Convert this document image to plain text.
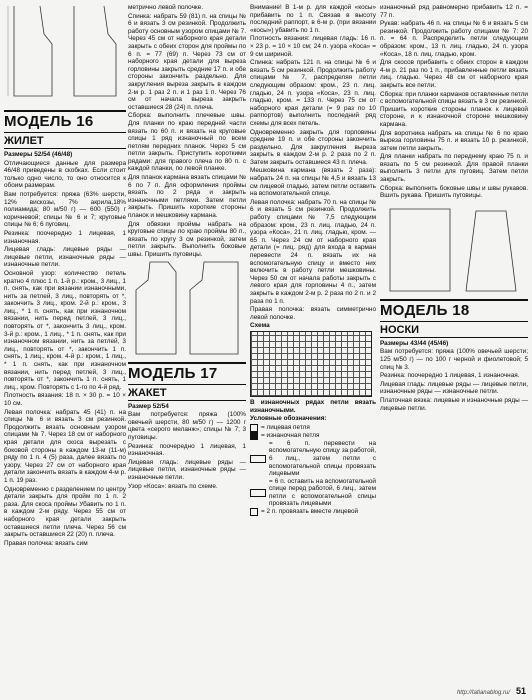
МОДЕЛЬ 16
ЖИЛЕТ

Размеры 52/54 (46/48)

Отличающиеся данные для размера 46/48 приведены в скобках. Если стоит только одно число, то оно относится к обоим размерам.

Вам потребуется: пряжа (63% шерсти, 12% вискозы, 7% акрила,18% полиамида; 80 м/50 г) — 600 (550) г коричневой; спицы № 6 и 7; круговые спицы № 6; 6 пуговиц.

Резинка: поочередно 1 лицевая, 1 изнаночная.

Лицевая гладь: лицевые ряды — лицевые петли, изнаночные ряды — изнаночные петли.

Основной узор: количество петель кратно 4 плюс 1 п. 1-й р.: кром., 3 лиц., 1 п. снять, как при вязании изнаночными, нить за петлей, 3 лиц., повторять от *, закончить 3 лиц., кром. 2-й р.: кром., 3 лиц., * 1 п. снять, как при изнаночном вязании, нить перед петлей, 3 лиц., повторять от *, закончить 3 лиц., кром. 3-й р.: кром., 1 лиц., * 1 п. снять, как при изнаночном вязании, нить за петлей, 3 лиц., повторять от *, закончить 1 п. снять, 1 лиц., кром. 4-й р.: кром., 1 лиц., * 1 п. снять, как при изнаночном вязании, нить перед петлей, 3 лиц., повторять от *, закончить 1 п. снять, 1 лиц., кром. Повторять с 1-го по 4-й ряд.

Плотность вязания: 18 п. × 30 р. = 10 × 10 см.

Левая полочка: набрать 45 (41) п. на спицы № 6 и вязать 3 см резинкой. Продолжить вязать основным узором спицами № 7. Через 18 см от наборного края детали для скоса вырезать с боковой стороны в каждом 13-м (11-м) ряду по 1 п. 4 (5) раза, далее вязать по узору. Через 27 см от наборного края детали закончить вязать в каждом 4-м р. 1 п. 19 раз.

Одновременно с разделением по центру детали закрыть для пройм по 1 п. 2 раза. Для скоса проймы Убавить по 1 п. в каждом 2-м ряду. Через 55 см от наборного края детали закрыть оставшиеся петли плеча. Через 56 см закрыть оставшиеся 22 (20) п. плеча.

Правая полочка: вязать сим

метрично левой полочке.

Спинка: набрать 59 (81) п. на спицы № 6 и вязать 3 см резинкой. Продолжить работу основным узором спицами № 7. Через 45 см от наборного края детали закрыть с обеих сторон для проймы по 6 п. = 77 (69) п. Через 73 см от наборного края детали для выреза горловины закрыть средние 17 п. и обе стороны закончить раздельно. Для закругления выреза закрыть в каждом 2-м р. 1 раз 2 п. и 1 раз 1 п. Через 76 см от начала выреза закрыть оставшиеся 28 (24) п. плеча.

Сборка: выполнить плечевые швы. Для планки по краю передней части вязать по 60 п. и вязать на круговые спицы 1 ряд изнаночный по всем петлям передних планок. Через 5 см петли закрыть. Приступить короткими рядами: для правого плеча по 80 п. с каждой планки, по левой планке.

Для планок кармана вязать спицами № 6 по 7 п. Для оформления проймы вязать по 2 ряда и закрыть изнаночными петлями. Затем петли закрыть. Пришить короткие стороны планок и мешковину кармана.

Для обвязки проймы набрать на круговые спицы по краю проймы 80 п., вязать по кругу 3 см резинкой, затем петли закрыть. Выполнить боковые швы. Пришить пуговицы.

МОДЕЛЬ 17
ЖАКЕТ

Размер 52/54

Вам потребуется: пряжа (100% овечьей шерсти, 80 м/50 г) — 1200 г цвета «серого меланж»; спицы № 7; 3 пуговицы.

Резинка: поочередно 1 лицевая, 1 изнаночная.

Лицевая гладь: лицевые ряды — лицевые петли, изнаночные ряды — изнаночные петли.

Узор «Коса»: вязать по схеме.

Внимание! В 1-м р. для каждой «косы» прибавить по 1 п. Связав в высоту последний раппорт, в 6-м р. (при вязании «косы») убавить по 1 п.

Плотность вязания: лицевая гладь: 16 п. × 23 р. = 10 × 10 см; 24 п. узора «Коса» = 9 см шириной.

Спинка: набрать 121 п. на спицы № 6 и вязать 5 см резинкой. Продолжить работу спицами № 7, распределяя петли следующим образом: кром., 23 п. лиц. гладью, 24 п. узора «Коса», 23 п. лиц. гладью, кром. = 133 п. Через 75 см от наборного края детали (= 9 раз по 10 раппортов) выполнить последний ряд схемы для всех петель.

Одновременно закрыть для горловины средние 19 п. и обе стороны закончить раздельно. Для закругления выреза закрыть в каждом 2-м р. 2 раза по 2 п. Затем закрыть оставшиеся 43 п. плеча.

Мешковина кармана (вязать 2 раза): набрать 24 п. на спицы № 4,5 и вязать 13 см лицевой гладью, затем петли оставить на вспомогательной спице.

Левая полочка: набрать 70 п. на спицы № 6 и вязать 5 см резинкой. Продолжить работу спицами № 7,5 следующим образом: кром., 23 п. лиц. гладью, 24 п. узора «Коса», 21 п. лиц. гладью, кром. — 65 п. Через 24 см от наборного края детали (= лиц. ряд) для входа в карман перевести 24 п. вязать их на вспомогательную спицу и вместо них включить в работу петли мешковины. Через 50 см от начала работы закрыть с левого края для горловины 4 п., затем закрыть в каждом 2-м р. 2 раза по 2 п. и 2 раза по 1 п.

Правая полочка: вязать симметрично левой полочке.

Схема

В изнаночных рядах петли вязать изнаночными.

Условные обозначения:

= лицевая петля
= изнаночная петля
= 6 п. перевести на вспомогательную спицу за работой, 6 лиц., затем петли с вспомогательной спицы провязать лицевыми
= 6 п. оставить на вспомогательной спице перед работой, 6 лиц., затем петли с вспомогательной спицы провязать лицевыми
= 2 п. провязать вместе лицевой

изнаночный ряд равномерно прибавить 12 п. = 77 п.

Рукав: набрать 46 п. на спицы № 6 и вязать 5 см резинкой. Продолжить работу спицами № 7: 20 п. = 64 п. Распределить петли следующим образом: кром., 13 п. лиц. гладью, 24 п. узора «Коса», 18 п. лиц. гладью, кром.

Для скосов прибавить с обеих сторон в каждом 4-м р. 21 раз по 1 п., прибавленные петли вязать лиц. гладью. Через 48 см от наборного края закрыть все петли.

Сборка: при планки карманов оставленные петли с вспомогательной спицы вязать в 3 см резинкой. Пришить короткие стороны планок к лицевой стороне, и к изнаночной стороне мешковину кармана.

Для воротника набрать на спицы № 6 по краю выреза горловины 75 п. и вязать 10 р. резинкой, затем петли закрыть.

Для планки набрать по переднему краю 75 п. и вязать по 5 см резинкой. Для правой планки выполнить 3 петли для пуговиц. Затем петли закрыть.

Сборка: выполнить боковые швы и швы рукавов. Вшить рукава. Пришить пуговицы.

МОДЕЛЬ 18
НОСКИ

Размеры 43/44 (45/46)

Вам потребуется: пряжа (100% овечьей шерсти; 125 м/50 г) — по 100 г черной и фиолетовой; 5 спиц № 3.

Резинка: поочередно 1 лицевая, 1 изнаночная.

Лицевая гладь: лицевые ряды — лицевые петли, изнаночные ряды — изнаночные петли.

Платочная вязка: лицевые и изнаночные ряды — лицевые петли.

http://tatianablog.ru/ 51
